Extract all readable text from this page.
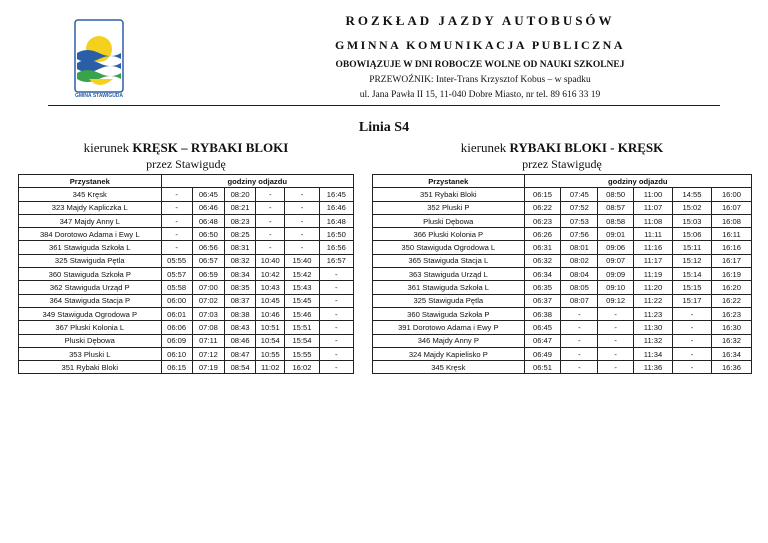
GMINA STAWIGUDA
ROZKŁAD JAZDY AUTOBUSÓW
GMINNA KOMUNIKACJA PUBLICZNA
OBOWIĄZUJE W DNI ROBOCZE WOLNE OD NAUKI SZKOLNEJ
PRZEWOŹNIK: Inter-Trans Krzysztof Kobus – w spadku
ul. Jana Pawła II 15, 11-040 Dobre Miasto, nr tel. 89 616 33 19
Linia S4
kierunek KRĘSK – RYBAKI BLOKI
przez Stawigudę
kierunek RYBAKI BLOKI - KRĘSK
przez Stawigudę
Przystanek	godziny odjazdu					
345 Kręsk	-	06:45	08:20	-	-	16:45
323 Majdy Kapliczka L	-	06:46	08:21	-	-	16:46
347 Majdy Anny L	-	06:48	08:23	-	-	16:48
384 Dorotowo Adama i Ewy L	-	06:50	08:25	-	-	16:50
361 Stawiguda Szkoła L	-	06:56	08:31	-	-	16:56
325 Stawiguda Pętla	05:55	06:57	08:32	10:40	15:40	16:57
360 Stawiguda Szkoła P	05:57	06:59	08:34	10:42	15:42	-
362 Stawiguda Urząd P	05:58	07:00	08:35	10:43	15:43	-
364 Stawiguda Stacja P	06:00	07:02	08:37	10:45	15:45	-
349 Stawiguda Ogrodowa P	06:01	07:03	08:38	10:46	15:46	-
367 Pluski Kolonia L	06:06	07:08	08:43	10:51	15:51	-
Pluski Dębowa	06:09	07:11	08:46	10:54	15:54	-
353 Pluski L	06:10	07:12	08:47	10:55	15:55	-
351 Rybaki Bloki	06:15	07:19	08:54	11:02	16:02	-
Przystanek	godziny odjazdu					
351 Rybaki Bloki	06:15	07:45	08:50	11:00	14:55	16:00
352 Pluski P	06:22	07:52	08:57	11:07	15:02	16:07
Pluski Dębowa	06:23	07:53	08:58	11:08	15:03	16:08
366 Pluski Kolonia P	06:26	07:56	09:01	11:11	15:06	16:11
350 Stawiguda Ogrodowa L	06:31	08:01	09:06	11:16	15:11	16:16
365 Stawiguda Stacja L	06:32	08:02	09:07	11:17	15:12	16:17
363 Stawiguda Urząd L	06:34	08:04	09:09	11:19	15:14	16:19
361 Stawiguda Szkoła L	06:35	08:05	09:10	11:20	15:15	16:20
325 Stawiguda Pętla	06:37	08:07	09:12	11:22	15:17	16:22
360 Stawiguda Szkoła P	06:38	-	-	11:23	-	16:23
391 Dorotowo Adama i Ewy P	06:45	-	-	11:30	-	16:30
346 Majdy Anny P	06:47	-	-	11:32	-	16:32
324 Majdy Kapielisko P	06:49	-	-	11:34	-	16:34
345 Kręsk	06:51	-	-	11:36	-	16:36
